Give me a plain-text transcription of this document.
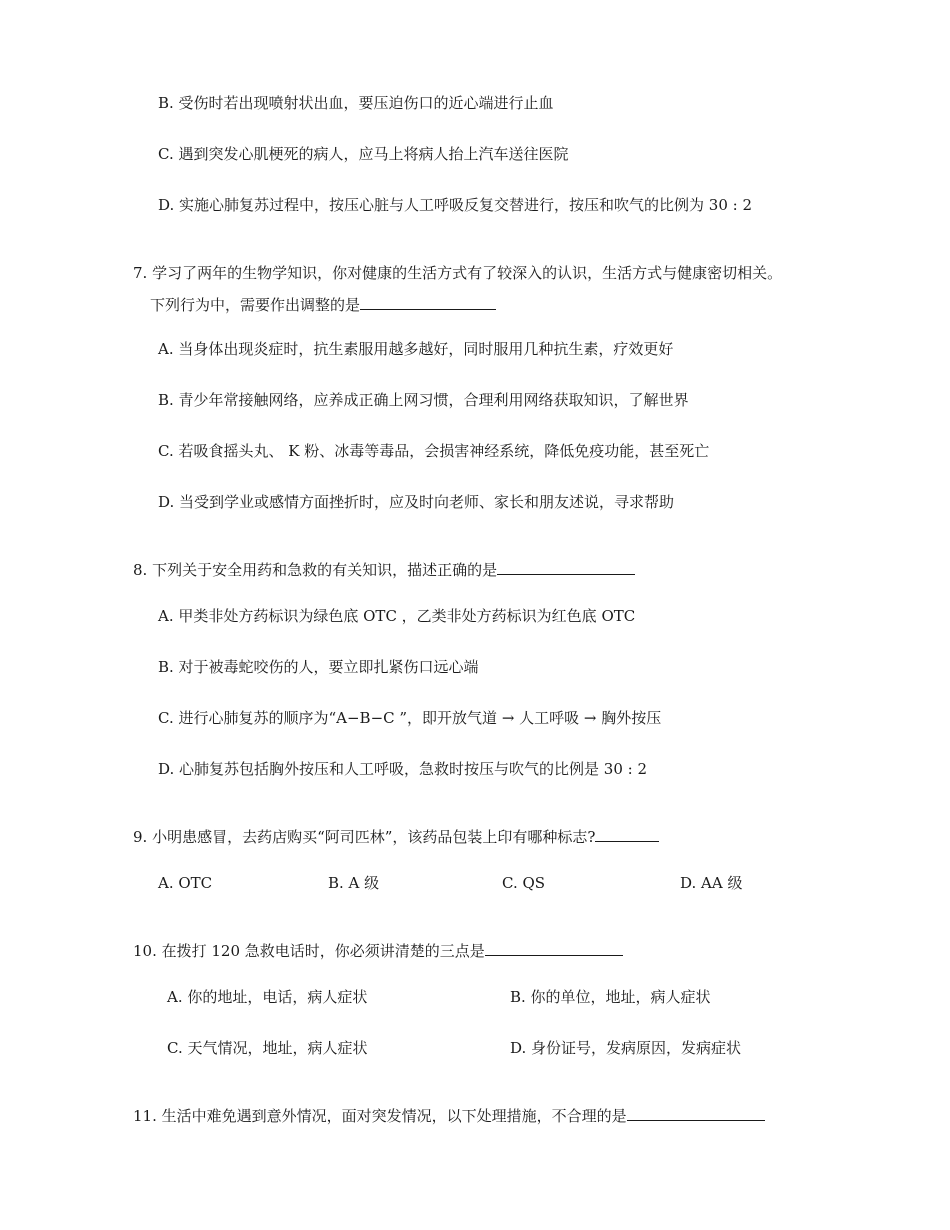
B. 受伤时若出现喷射状出血，要压迫伤口的近心端进行止血
C. 遇到突发心肌梗死的病人，应马上将病人抬上汽车送往医院
D. 实施心肺复苏过程中，按压心脏与人工呼吸反复交替进行，按压和吹气的比例为 30 : 2
7. 学习了两年的生物学知识，你对健康的生活方式有了较深入的认识，生活方式与健康密切相关。
下列行为中，需要作出调整的是
A. 当身体出现炎症时，抗生素服用越多越好，同时服用几种抗生素，疗效更好
B. 青少年常接触网络，应养成正确上网习惯，合理利用网络获取知识，了解世界
C. 若吸食摇头丸、 K 粉、冰毒等毒品，会损害神经系统，降低免疫功能，甚至死亡
D. 当受到学业或感情方面挫折时，应及时向老师、家长和朋友述说，寻求帮助
8. 下列关于安全用药和急救的有关知识，描述正确的是
A. 甲类非处方药标识为绿色底 OTC ，乙类非处方药标识为红色底 OTC
B. 对于被毒蛇咬伤的人，要立即扎紧伤口远心端
C. 进行心肺复苏的顺序为“A−B−C ”，即开放气道 → 人工呼吸 → 胸外按压
D. 心肺复苏包括胸外按压和人工呼吸，急救时按压与吹气的比例是 30 : 2
9. 小明患感冒，去药店购买“阿司匹林”，该药品包装上印有哪种标志?
A. OTC	B. A 级	C. QS	D. AA 级
10. 在拨打 120 急救电话时，你必须讲清楚的三点是
A. 你的地址，电话，病人症状	B. 你的单位，地址，病人症状
C. 天气情况，地址，病人症状	D. 身份证号，发病原因，发病症状
11. 生活中难免遇到意外情况，面对突发情况，以下处理措施，不合理的是
